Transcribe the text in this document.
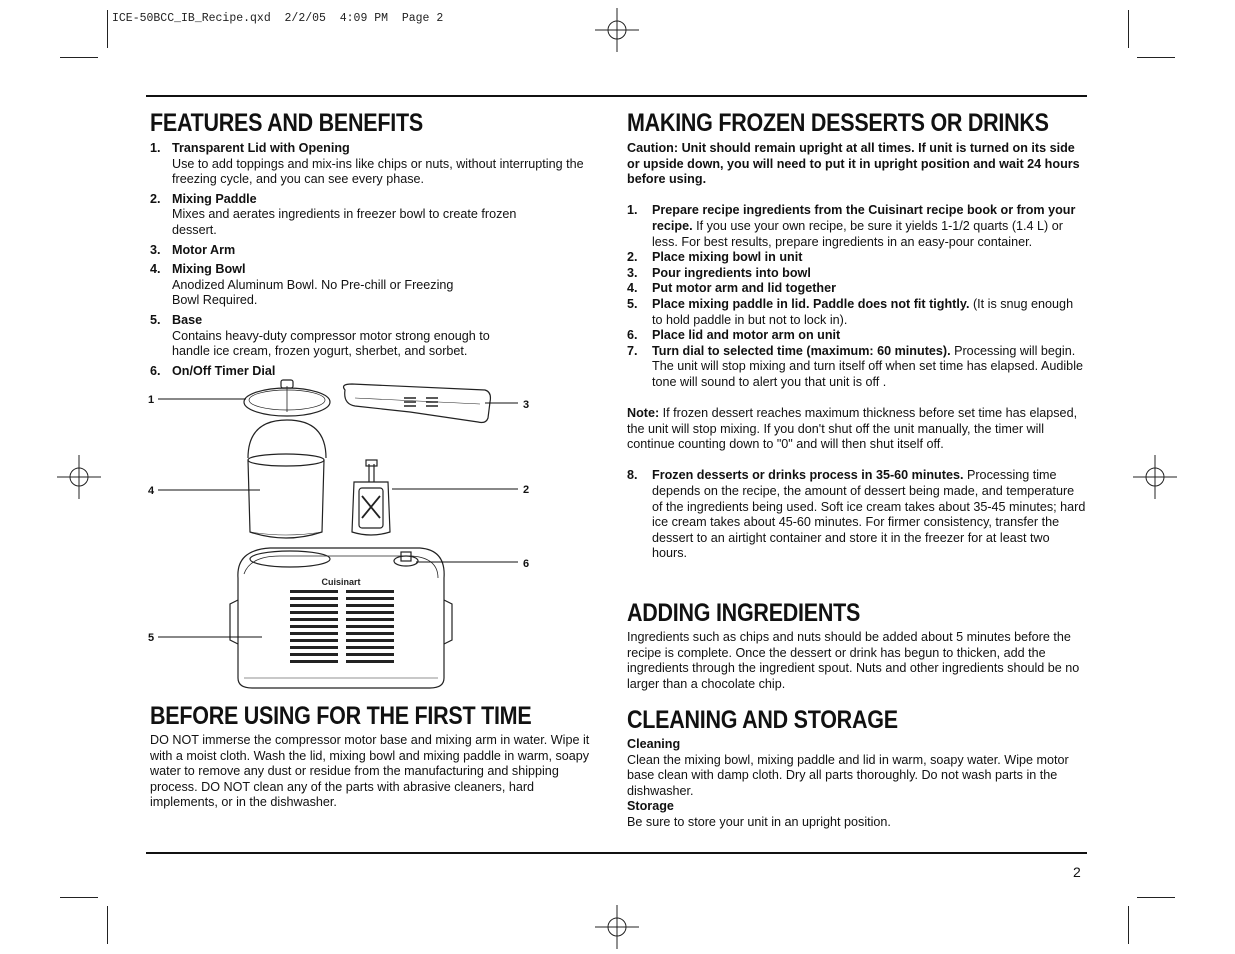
ICE-50BCC_IB_Recipe.qxd  2/2/05  4:09 PM  Page 2
FEATURES AND BENEFITS
1. Transparent Lid with Opening
Use to add toppings and mix-ins like chips or nuts, without interrupting the freezing cycle, and you can see every phase.
2. Mixing Paddle
Mixes and aerates ingredients in freezer bowl to create frozen dessert.
3. Motor Arm
4. Mixing Bowl
Anodized Aluminum Bowl. No Pre-chill or Freezing Bowl Required.
5. Base
Contains heavy-duty compressor motor strong enough to handle ice cream, frozen yogurt, sherbet, and sorbet.
6. On/Off Timer Dial
Cuisinart
1	3
4	2
6
5
BEFORE USING FOR THE FIRST TIME

DO NOT immerse the compressor motor base and mixing arm in water. Wipe it with a moist cloth. Wash the lid, mixing bowl and mixing paddle in warm, soapy water to remove any dust or residue from the manufacturing and shipping process. DO NOT clean any of the parts with abrasive cleaners, hard implements, or in the dishwasher.

MAKING FROZEN DESSERTS OR DRINKS

Caution: Unit should remain upright at all times. If unit is turned on its side or upside down, you will need to put it in upright position and wait 24 hours before using.

1. Prepare recipe ingredients from the Cuisinart recipe book or from your recipe. If you use your own recipe, be sure it yields 1-1/2 quarts (1.4 L) or less. For best results, prepare ingredients in an easy-pour container.
2. Place mixing bowl in unit
3. Pour ingredients into bowl
4. Put motor arm and lid together
5. Place mixing paddle in lid. Paddle does not fit tightly. (It is snug enough to hold paddle in but not to lock in).
6. Place lid and motor arm on unit
7. Turn dial to selected time (maximum: 60 minutes). Processing will begin. The unit will stop mixing and turn itself off when set time has elapsed. Audible tone will sound to alert you that unit is off .

Note: If frozen dessert reaches maximum thickness before set time has elapsed, the unit will stop mixing. If you don't shut off the unit manually, the timer will continue counting down to "0" and will then shut itself off.

8. Frozen desserts or drinks process in 35-60 minutes. Processing time depends on the recipe, the amount of dessert being made, and temperature of the ingredients being used. Soft ice cream takes about 35-45 minutes; hard ice cream takes about 45-60 minutes. For firmer consistency, transfer the dessert to an airtight container and store it in the freezer for at least two hours.
ADDING INGREDIENTS

Ingredients such as chips and nuts should be added about 5 minutes before the recipe is complete. Once the dessert or drink has begun to thicken, add the ingredients through the ingredient spout. Nuts and other ingredients should be no larger than a chocolate chip.

CLEANING AND STORAGE

Cleaning

Clean the mixing bowl, mixing paddle and lid in warm, soapy water. Wipe motor base clean with damp cloth. Dry all parts thoroughly. Do not wash parts in the dishwasher.

Storage

Be sure to store your unit in an upright position.

2
